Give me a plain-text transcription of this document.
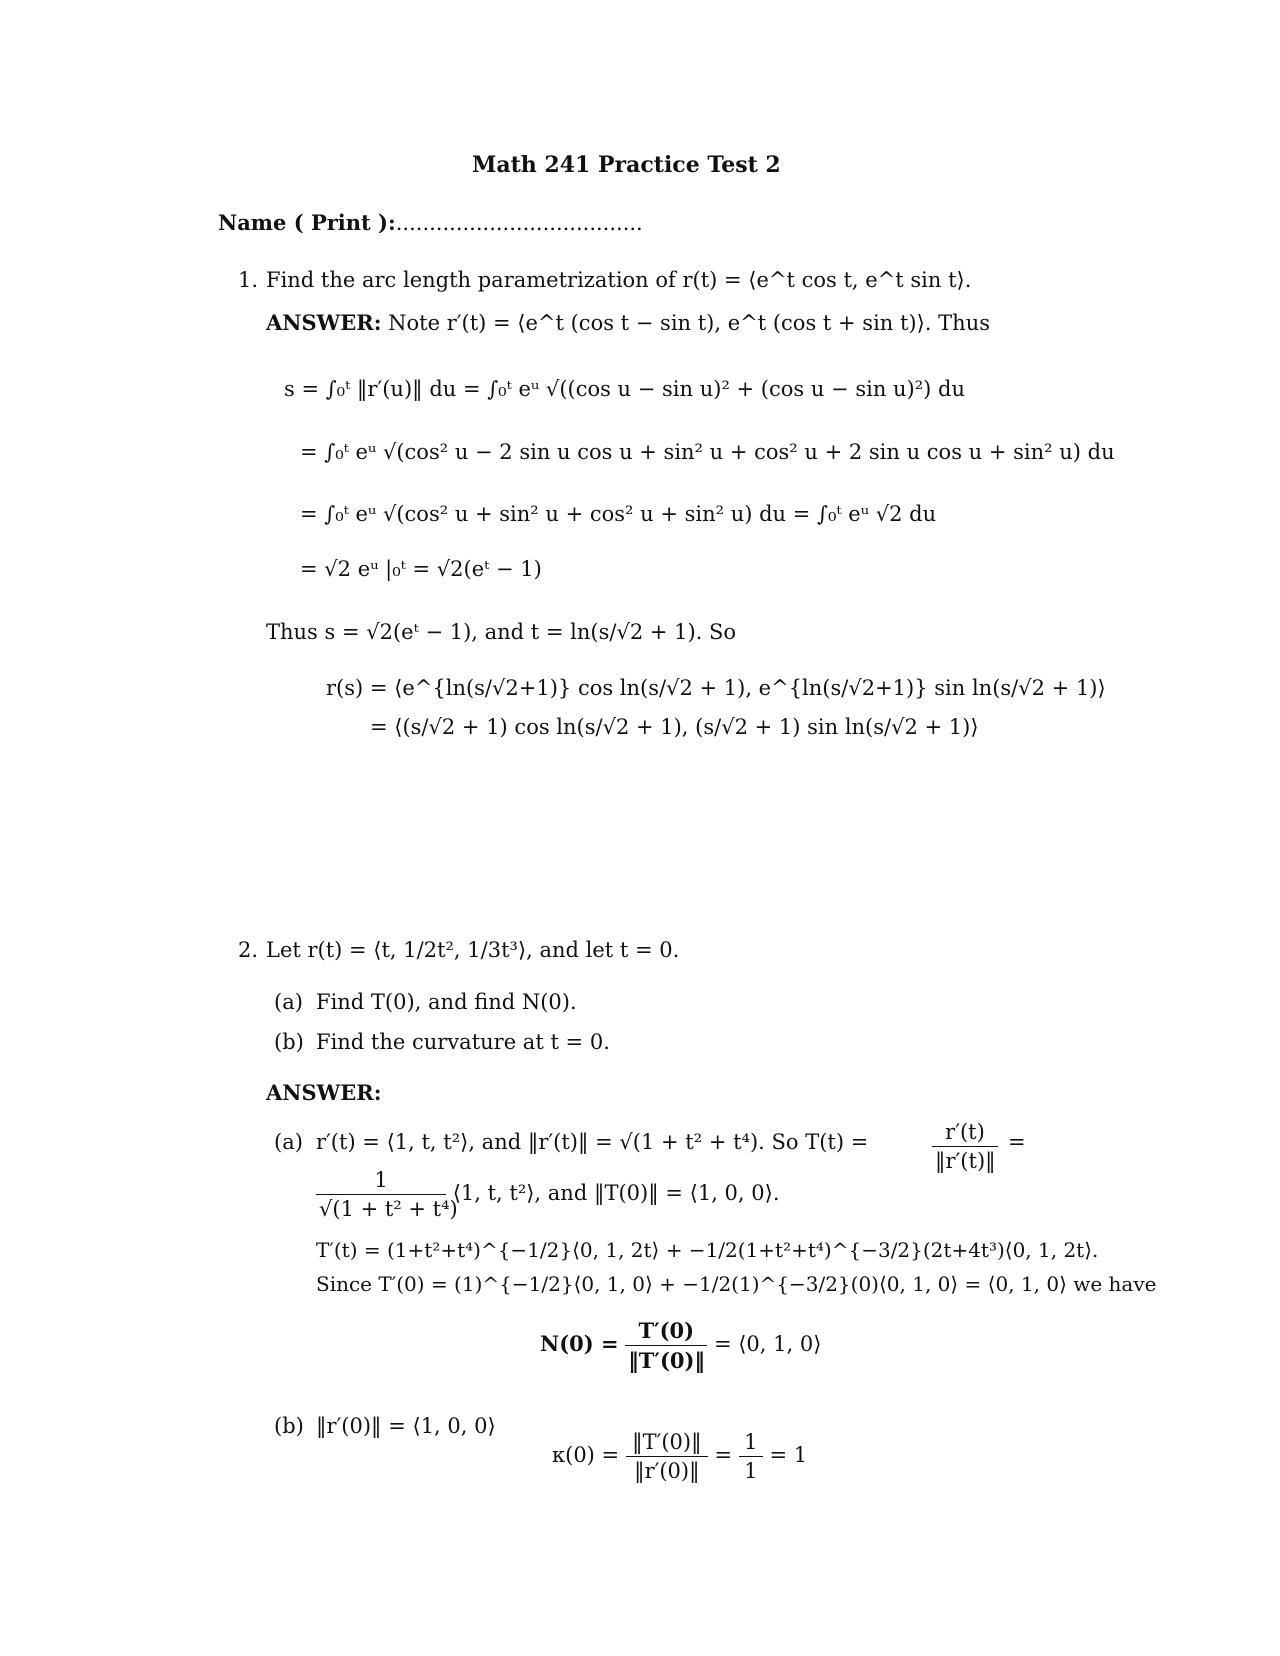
Math 241 Practice Test 2
Name ( Print ):.....................................
1. Find the arc length parametrization of r(t) = ⟨e^t cos t, e^t sin t⟩.
ANSWER: Note r′(t) = ⟨e^t (cos t − sin t), e^t (cos t + sin t)⟩. Thus
s = ∫₀ᵗ ‖r′(u)‖ du = ∫₀ᵗ eᵘ √((cos u − sin u)² + (cos u − sin u)²) du
= ∫₀ᵗ eᵘ √(cos² u − 2 sin u cos u + sin² u + cos² u + 2 sin u cos u + sin² u) du
= ∫₀ᵗ eᵘ √(cos² u + sin² u + cos² u + sin² u) du = ∫₀ᵗ eᵘ √2 du
= √2 eᵘ |₀ᵗ = √2(eᵗ − 1)
Thus s = √2(eᵗ − 1), and t = ln(s/√2 + 1). So
r(s) = ⟨e^{ln(s/√2+1)} cos ln(s/√2 + 1), e^{ln(s/√2+1)} sin ln(s/√2 + 1)⟩
= ⟨(s/√2 + 1) cos ln(s/√2 + 1), (s/√2 + 1) sin ln(s/√2 + 1)⟩
2. Let r(t) = ⟨t, 1/2t², 1/3t³⟩, and let t = 0.
(a) Find T(0), and find N(0).
(b) Find the curvature at t = 0.
ANSWER:
(a) r′(t) = ⟨1, t, t²⟩, and ‖r′(t)‖ = √(1 + t² + t⁴). So T(t) =	$\frac{r'(t)}{‖r'(t)‖}$ =
$\frac{1}{\text{√(1 + t² + t⁴)}}$ ⟨1, t, t²⟩, and ‖T(0)‖ = ⟨1, 0, 0⟩.
T′(t) = (1+t²+t⁴)^{−1/2}⟨0, 1, 2t⟩ + −1/2(1+t²+t⁴)^{−3/2}(2t+4t³)⟨0, 1, 2t⟩.
Since T′(0) = (1)^{−1/2}⟨0, 1, 0⟩ + −1/2(1)^{−3/2}(0)⟨0, 1, 0⟩ = ⟨0, 1, 0⟩ we have
$N(0) = \frac{T'(0)}{‖T'(0)‖}$ = ⟨0, 1, 0⟩
(b) ‖r′(0)‖ = ⟨1, 0, 0⟩
$\kappa(0) = \frac{‖T'(0)‖}{‖r'(0)‖} = \frac{1}{1} = 1$
